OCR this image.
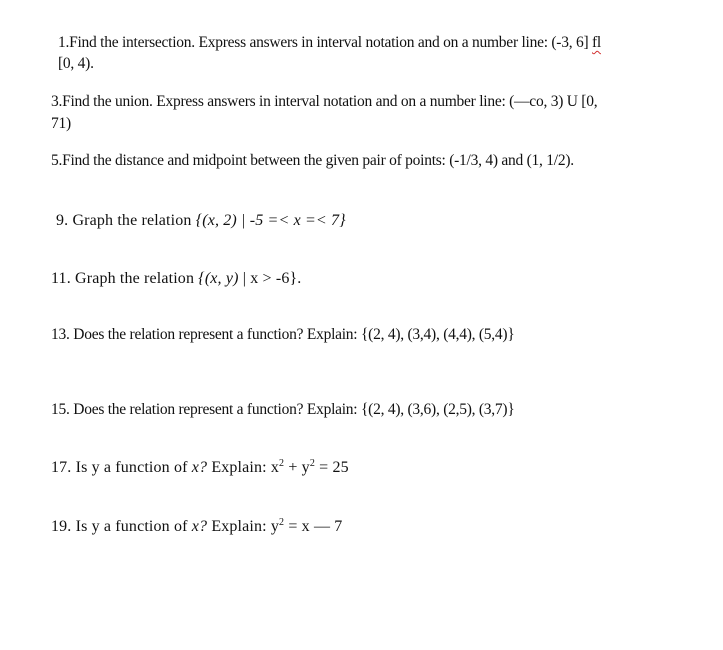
1.Find the intersection. Express answers in interval notation and on a number line: (-3, 6] fl
[0, 4).
3.Find the union. Express answers in interval notation and on a number line: (—co, 3) U [0,
71)
5.Find the distance and midpoint between the given pair of points: (-1/3, 4) and (1, 1/2).
9. Graph the relation {(x, 2) | -5 =< x =< 7}
11. Graph the relation {(x, y) | x > -6}.
13. Does the relation represent a function? Explain: {(2, 4), (3,4), (4,4), (5,4)}
15. Does the relation represent a function? Explain: {(2, 4), (3,6), (2,5), (3,7)}
17. Is y a function of x? Explain: $x^2 + y^2 = 25$
19. Is y a function of x? Explain: $y^2 = x$ — 7
